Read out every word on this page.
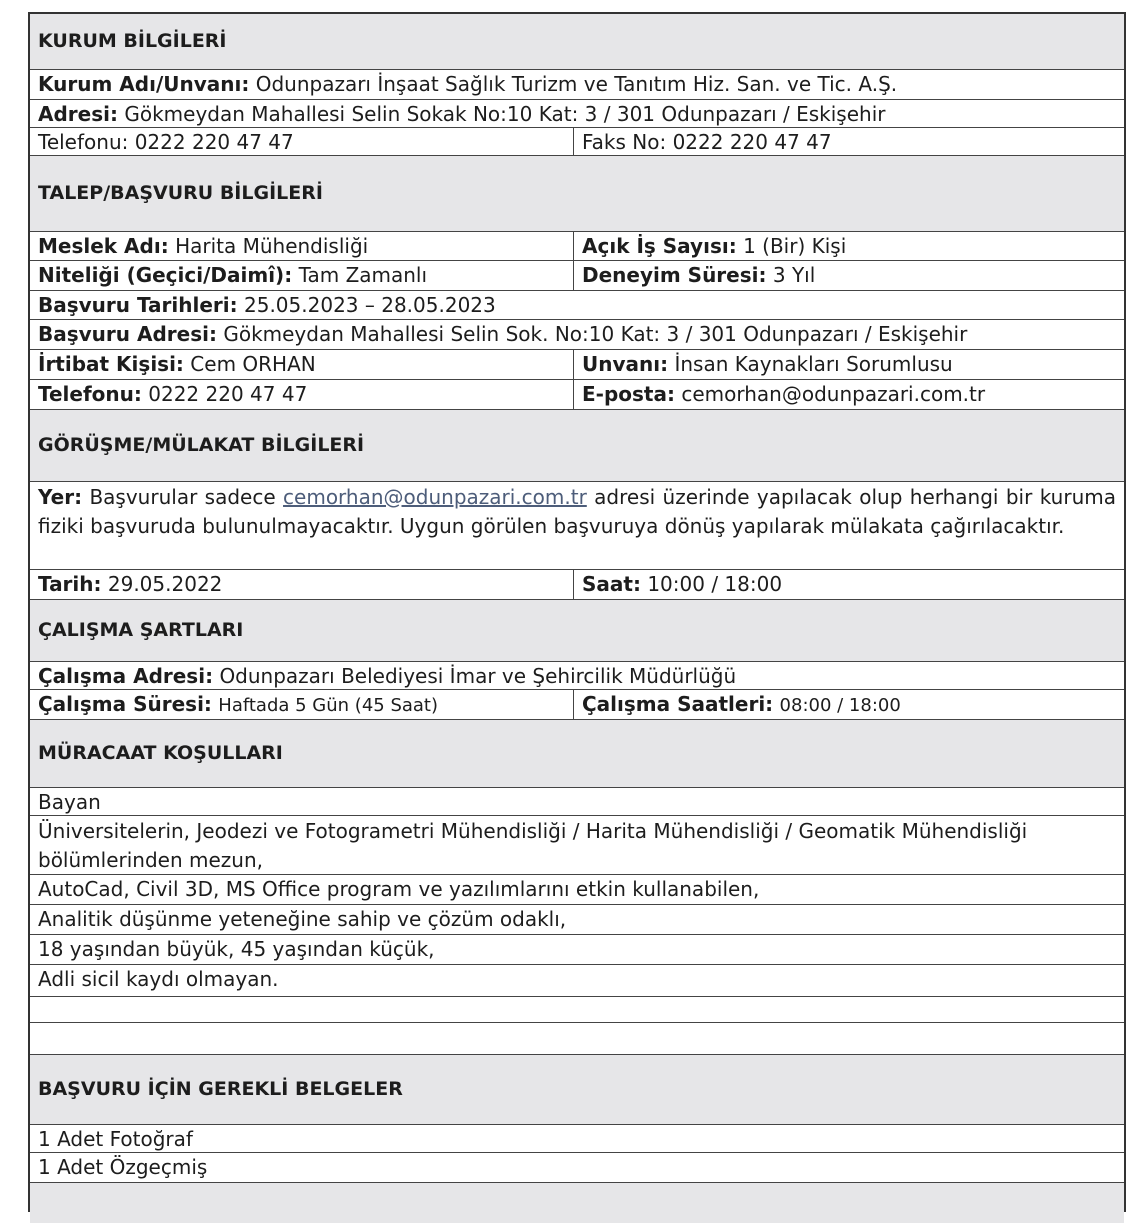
KURUM BİLGİLERİ
Kurum Adı/Unvanı: Odunpazarı İnşaat Sağlık Turizm ve Tanıtım Hiz. San. ve Tic. A.Ş.
Adresi: Gökmeydan Mahallesi Selin Sokak No:10 Kat: 3 / 301 Odunpazarı / Eskişehir
Telefonu: 0222 220 47 47	Faks No: 0222 220 47 47
TALEP/BAŞVURU BİLGİLERİ
Meslek Adı: Harita Mühendisliği	Açık İş Sayısı: 1 (Bir) Kişi
Niteliği (Geçici/Daimî): Tam Zamanlı	Deneyim Süresi: 3 Yıl
Başvuru Tarihleri: 25.05.2023 – 28.05.2023
Başvuru Adresi: Gökmeydan Mahallesi Selin Sok. No:10 Kat: 3 / 301 Odunpazarı / Eskişehir
İrtibat Kişisi: Cem ORHAN	Unvanı: İnsan Kaynakları Sorumlusu
Telefonu: 0222 220 47 47	E-posta: cemorhan@odunpazari.com.tr
GÖRÜŞME/MÜLAKAT BİLGİLERİ
Yer: Başvurular sadece cemorhan@odunpazari.com.tr adresi üzerinde yapılacak olup herhangi bir kuruma fiziki başvuruda bulunulmayacaktır. Uygun görülen başvuruya dönüş yapılarak mülakata çağırılacaktır.
Tarih: 29.05.2022	Saat: 10:00 / 18:00
ÇALIŞMA ŞARTLARI
Çalışma Adresi: Odunpazarı Belediyesi İmar ve Şehircilik Müdürlüğü
Çalışma Süresi: Haftada 5 Gün (45 Saat)	Çalışma Saatleri: 08:00 / 18:00
MÜRACAAT KOŞULLARI
Bayan
Üniversitelerin, Jeodezi ve Fotogrametri Mühendisliği / Harita Mühendisliği / Geomatik Mühendisliği bölümlerinden mezun,
AutoCad, Civil 3D, MS Office program ve yazılımlarını etkin kullanabilen,
Analitik düşünme yeteneğine sahip ve çözüm odaklı,
18 yaşından büyük, 45 yaşından küçük,
Adli sicil kaydı olmayan.
BAŞVURU İÇİN GEREKLİ BELGELER
1 Adet Fotoğraf
1 Adet Özgeçmiş
